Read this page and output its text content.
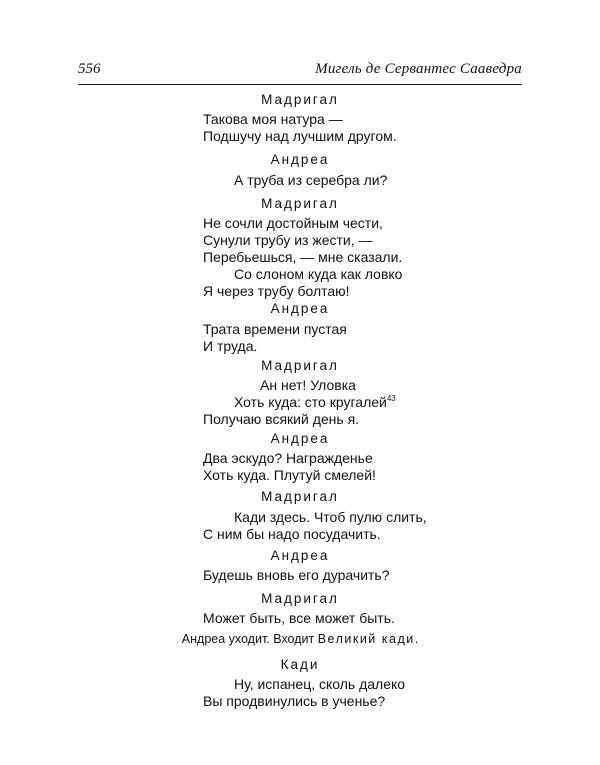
556	Мигель де Сервантес Сааведра
Мадригал
Такова моя натура —
Подшучу над лучшим другом.
Андреа
А труба из серебра ли?
Мадригал
Не сочли достойным чести,
Сунули трубу из жести, —
Перебьешься, — мне сказали.
Со слоном куда как ловко
Я через трубу болтаю!
Андреа
Трата времени пустая
И труда.
Мадригал
Ан нет! Уловка
Хоть куда: сто кругалей$^{43}$
Получаю всякий день я.
Андреа
Два эскудо? Награжденье
Хоть куда. Плутуй смелей!
Мадригал
Кади здесь. Чтоб пулю слить,
С ним бы надо посудачить.
Андреа
Будешь вновь его дурачить?
Мадригал
Может быть, все может быть.
Андреа уходит. Входит Великий кади.
Кади
Ну, испанец, сколь далеко
Вы продвинулись в ученье?
